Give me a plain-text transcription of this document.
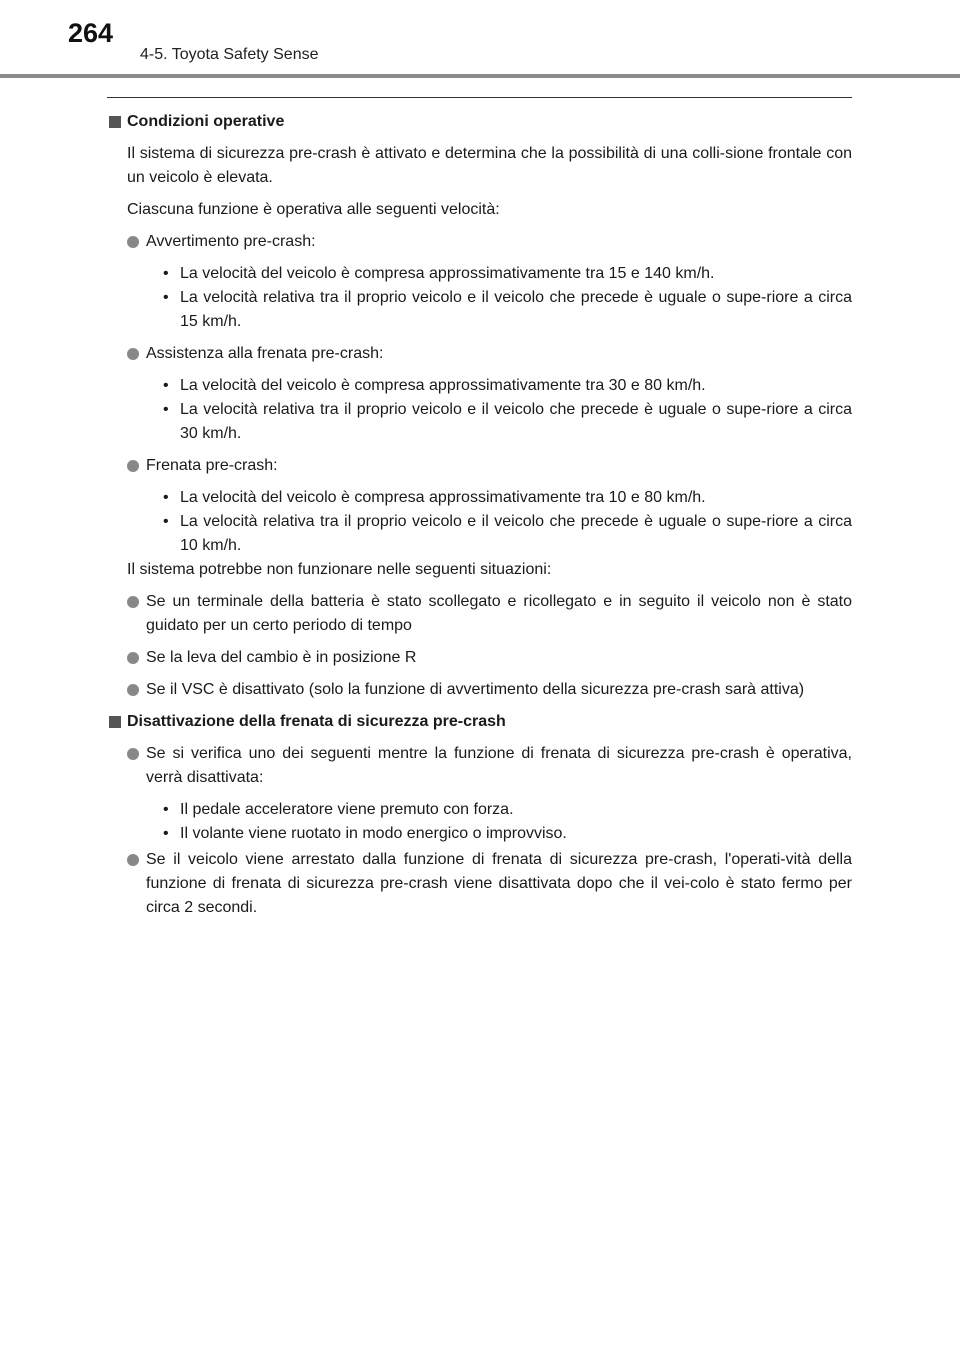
264
4-5. Toyota Safety Sense
Condizioni operative
Il sistema di sicurezza pre-crash è attivato e determina che la possibilità di una colli-sione frontale con un veicolo è elevata.
Ciascuna funzione è operativa alle seguenti velocità:
Avvertimento pre-crash:
• La velocità del veicolo è compresa approssimativamente tra 15 e 140 km/h.
• La velocità relativa tra il proprio veicolo e il veicolo che precede è uguale o supe-riore a circa 15 km/h.
Assistenza alla frenata pre-crash:
• La velocità del veicolo è compresa approssimativamente tra 30 e 80 km/h.
• La velocità relativa tra il proprio veicolo e il veicolo che precede è uguale o supe-riore a circa 30 km/h.
Frenata pre-crash:
• La velocità del veicolo è compresa approssimativamente tra 10 e 80 km/h.
• La velocità relativa tra il proprio veicolo e il veicolo che precede è uguale o supe-riore a circa 10 km/h.
Il sistema potrebbe non funzionare nelle seguenti situazioni:
Se un terminale della batteria è stato scollegato e ricollegato e in seguito il veicolo non è stato guidato per un certo periodo di tempo
Se la leva del cambio è in posizione R
Se il VSC è disattivato (solo la funzione di avvertimento della sicurezza pre-crash sarà attiva)
Disattivazione della frenata di sicurezza pre-crash
Se si verifica uno dei seguenti mentre la funzione di frenata di sicurezza pre-crash è operativa, verrà disattivata:
• Il pedale acceleratore viene premuto con forza.
• Il volante viene ruotato in modo energico o improvviso.
Se il veicolo viene arrestato dalla funzione di frenata di sicurezza pre-crash, l'operati-vità della funzione di frenata di sicurezza pre-crash viene disattivata dopo che il vei-colo è stato fermo per circa 2 secondi.
